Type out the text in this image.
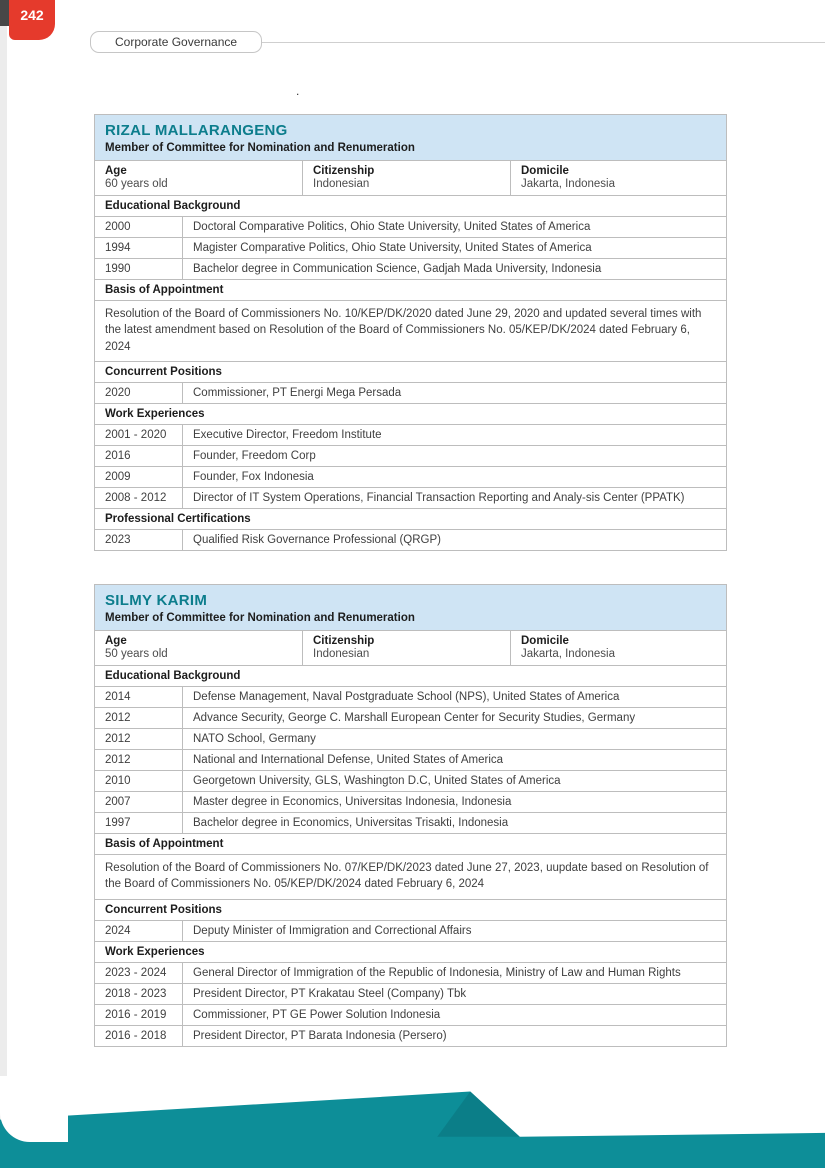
242
Corporate Governance
.
RIZAL MALLARANGENG
Member of Committee for Nomination and Renumeration
Age
60 years old
Citizenship
Indonesian
Domicile
Jakarta, Indonesia
Educational Background
2000	Doctoral Comparative Politics, Ohio State University, United States of America
1994	Magister Comparative Politics, Ohio State University, United States of America
1990	Bachelor degree in Communication Science, Gadjah Mada University, Indonesia
Basis of Appointment
Resolution of the Board of Commissioners No. 10/KEP/DK/2020 dated June 29, 2020 and updated several times with the latest amendment based on Resolution of the Board of Commissioners No. 05/KEP/DK/2024 dated February 6, 2024
Concurrent Positions
2020	Commissioner, PT Energi Mega Persada
Work Experiences
2001 - 2020	Executive Director, Freedom Institute
2016	Founder, Freedom Corp
2009	Founder, Fox Indonesia
2008 - 2012	Director of IT System Operations, Financial Transaction Reporting and Analy-sis Center (PPATK)
Professional Certifications
2023	Qualified Risk Governance Professional (QRGP)
SILMY KARIM
Member of Committee for Nomination and Renumeration
Age
50 years old
Citizenship
Indonesian
Domicile
Jakarta, Indonesia
Educational Background
2014	Defense Management, Naval Postgraduate School (NPS), United States of America
2012	Advance Security, George C. Marshall European Center for Security Studies, Germany
2012	NATO School, Germany
2012	National and International Defense, United States of America
2010	Georgetown University, GLS, Washington D.C, United States of America
2007	Master degree in Economics, Universitas Indonesia, Indonesia
1997	Bachelor degree in Economics, Universitas Trisakti, Indonesia
Basis of Appointment
Resolution of the Board of Commissioners No. 07/KEP/DK/2023 dated June 27, 2023, uupdate based on Resolution of the Board of Commissioners No. 05/KEP/DK/2024 dated February 6, 2024
Concurrent Positions
2024	Deputy Minister of Immigration and Correctional Affairs
Work Experiences
2023 - 2024	General Director of Immigration of the Republic of Indonesia, Ministry of Law and Human Rights
2018 - 2023	President Director, PT Krakatau Steel (Company) Tbk
2016 - 2019	Commissioner, PT GE Power Solution Indonesia
2016 - 2018	President Director, PT Barata Indonesia (Persero)
